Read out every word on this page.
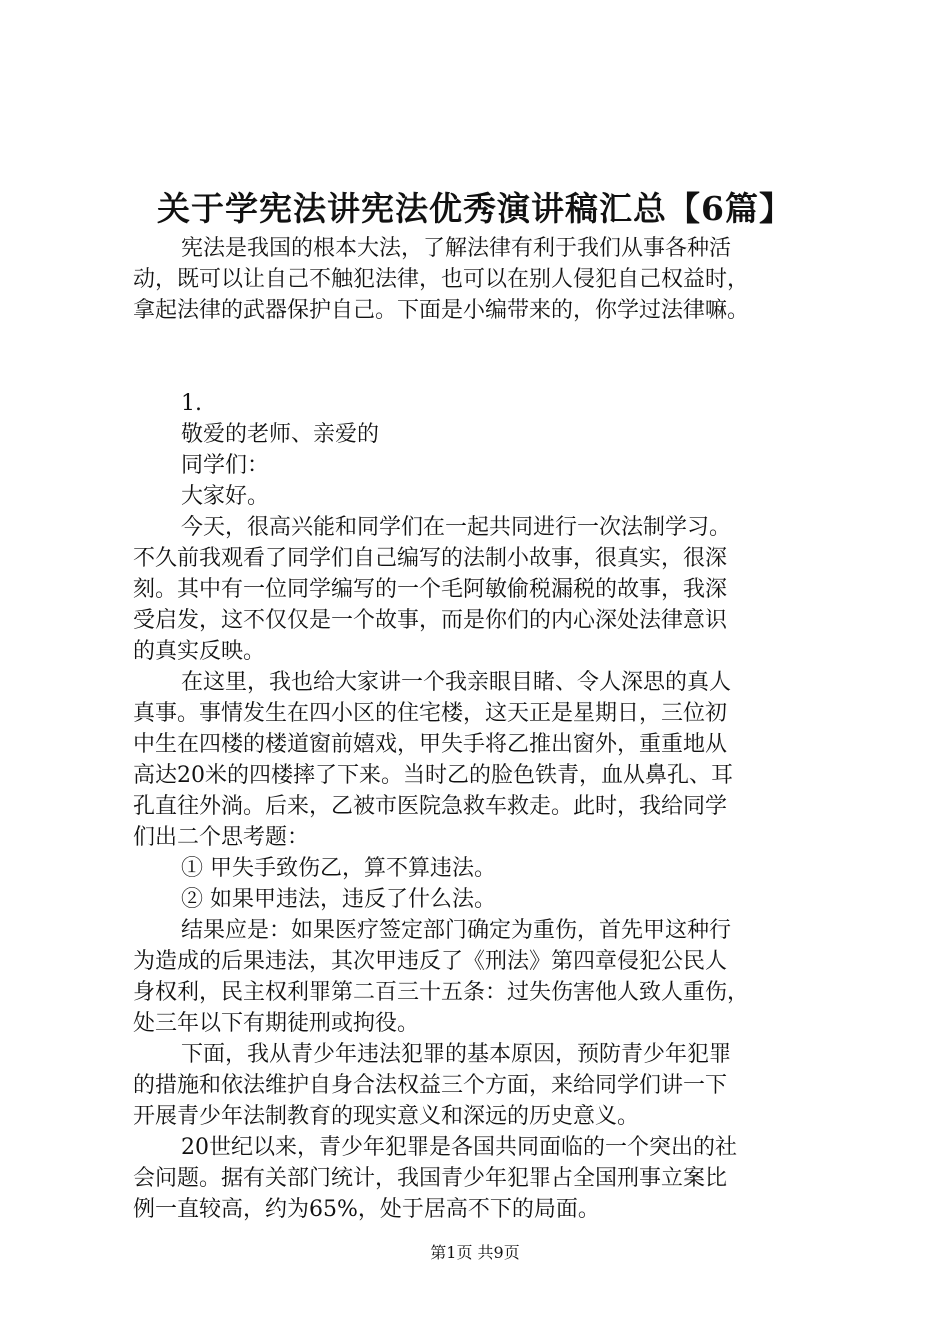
关于学宪法讲宪法优秀演讲稿汇总【6篇】

宪法是我国的根本大法，了解法律有利于我们从事各种活

动，既可以让自己不触犯法律，也可以在别人侵犯自己权益时，

拿起法律的武器保护自己。下面是小编带来的，你学过法律嘛。

1.

敬爱的老师、亲爱的

同学们：

大家好。

今天，很高兴能和同学们在一起共同进行一次法制学习。

不久前我观看了同学们自己编写的法制小故事，很真实，很深

刻。其中有一位同学编写的一个毛阿敏偷税漏税的故事，我深

受启发，这不仅仅是一个故事，而是你们的内心深处法律意识

的真实反映。

在这里，我也给大家讲一个我亲眼目睹、令人深思的真人

真事。事情发生在四小区的住宅楼，这天正是星期日，三位初

中生在四楼的楼道窗前嬉戏，甲失手将乙推出窗外，重重地从

高达20米的四楼摔了下来。当时乙的脸色铁青，血从鼻孔、耳

孔直往外淌。后来，乙被市医院急救车救走。此时，我给同学

们出二个思考题：

① 甲失手致伤乙，算不算违法。

② 如果甲违法，违反了什么法。

结果应是：如果医疗签定部门确定为重伤，首先甲这种行

为造成的后果违法，其次甲违反了《刑法》第四章侵犯公民人

身权利，民主权利罪第二百三十五条：过失伤害他人致人重伤，

处三年以下有期徒刑或拘役。

下面，我从青少年违法犯罪的基本原因，预防青少年犯罪

的措施和依法维护自身合法权益三个方面，来给同学们讲一下

开展青少年法制教育的现实意义和深远的历史意义。

20世纪以来，青少年犯罪是各国共同面临的一个突出的社

会问题。据有关部门统计，我国青少年犯罪占全国刑事立案比

例一直较高，约为65%，处于居高不下的局面。

第1页 共9页
